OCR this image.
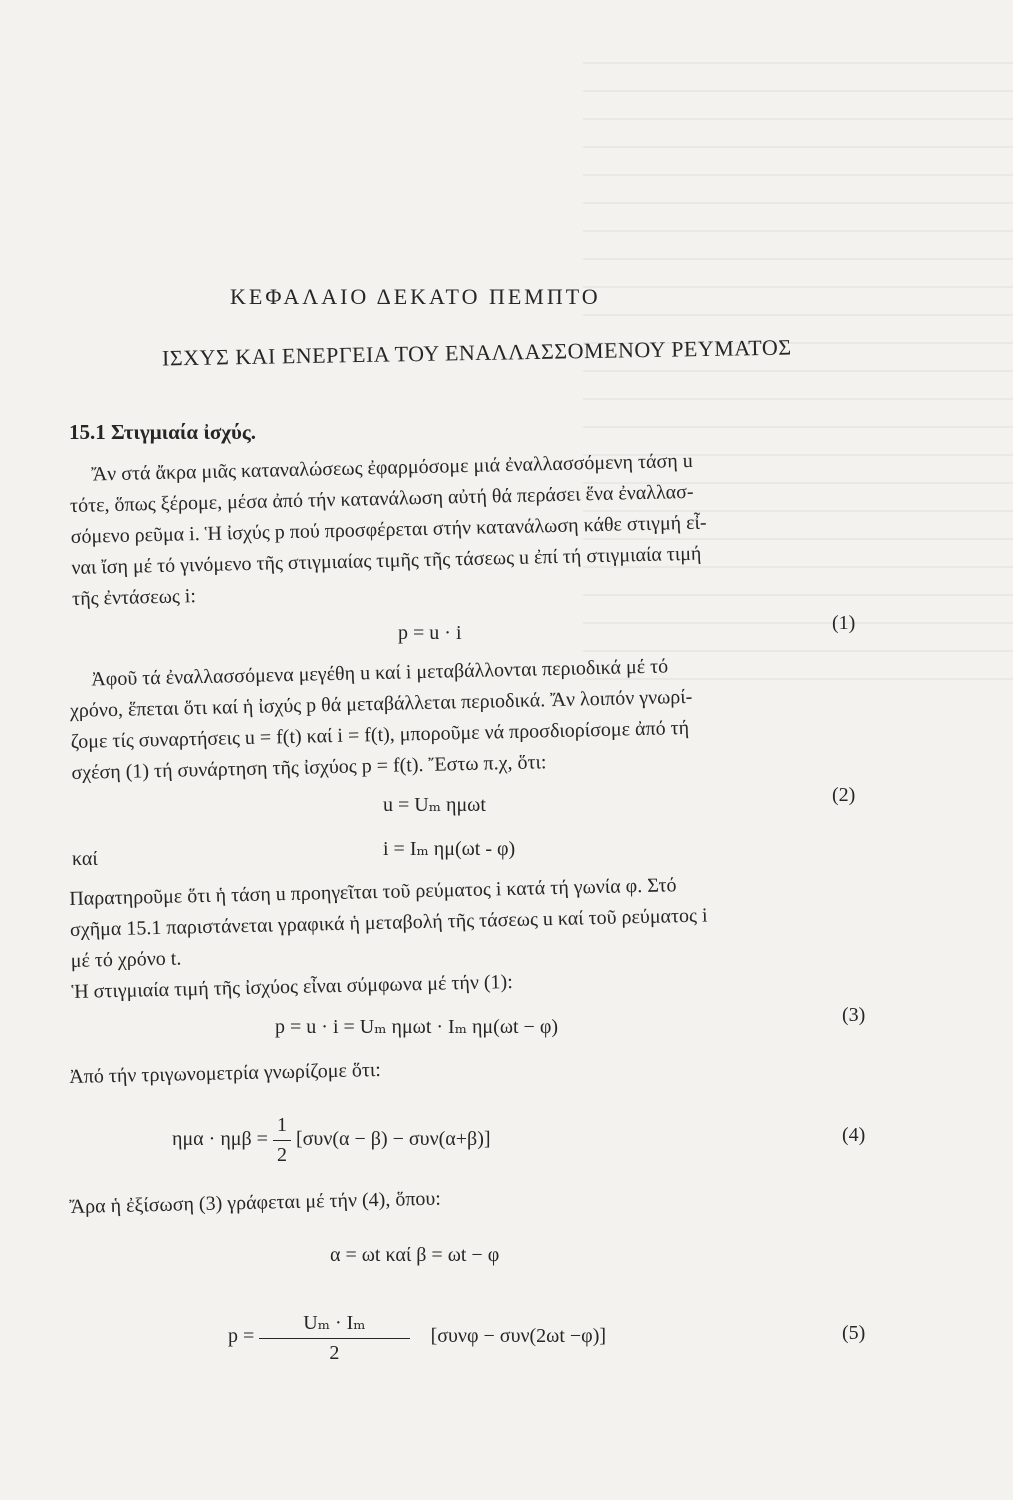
ΚΕΦΑΛΑΙΟ ΔΕΚΑΤΟ ΠΕΜΠΤΟ
ΙΣΧΥΣ ΚΑΙ ΕΝΕΡΓΕΙΑ ΤΟΥ ΕΝΑΛΛΑΣΣΟΜΕΝΟΥ ΡΕΥΜΑΤΟΣ
15.1 Στιγμιαία ἰσχύς.
Ἄν στά ἄκρα μιᾶς καταναλώσεως ἐφαρμόσομε μιά ἐναλλασσόμενη τάση u
τότε, ὅπως ξέρομε, μέσα ἀπό τήν κατανάλωση αὐτή θά περάσει ἕνα ἐναλλασ-
σόμενο ρεῦμα i. Ἡ ἰσχύς p πού προσφέρεται στήν κατανάλωση κάθε στιγμή εἶ-
ναι ἴση μέ τό γινόμενο τῆς στιγμιαίας τιμῆς τῆς τάσεως u ἐπί τή στιγμιαία τιμή
τῆς ἐντάσεως i:
p = u · i	(1)
Ἀφοῦ τά ἐναλλασσόμενα μεγέθη u καί i μεταβάλλονται περιοδικά μέ τό
χρόνο, ἕπεται ὅτι καί ἡ ἰσχύς p θά μεταβάλλεται περιοδικά. Ἄν λοιπόν γνωρί-
ζομε τίς συναρτήσεις u = f(t) καί i = f(t), μποροῦμε νά προσδιορίσομε ἀπό τή
σχέση (1) τή συνάρτηση τῆς ἰσχύος p = f(t). Ἔστω π.χ, ὅτι:
u = Uₘ ημωt	(2)
καί	i = Iₘ ημ(ωt - φ)
Παρατηροῦμε ὅτι ἡ τάση u προηγεῖται τοῦ ρεύματος i κατά τή γωνία φ. Στό
σχῆμα 15.1 παριστάνεται γραφικά ἡ μεταβολή τῆς τάσεως u καί τοῦ ρεύματος i
μέ τό χρόνο t.
Ἡ στιγμιαία τιμή τῆς ἰσχύος εἶναι σύμφωνα μέ τήν (1):
p = u · i = Uₘ ημωt · Iₘ ημ(ωt − φ)
(3)
Ἀπό τήν τριγωνομετρία γνωρίζομε ὅτι:
$\eta\mu\alpha \cdot \eta\mu\beta = \frac{1}{2} [\sigma\upsilon\nu(\alpha - \beta) - \sigma\upsilon\nu(\alpha+\beta)]$	(4)
Ἄρα ἡ ἐξίσωση (3) γράφεται μέ τήν (4), ὅπου:
α = ωt καί β = ωt − φ
$p = \frac{\text{Uₘ · Iₘ}}{2} [\sigma\upsilon\nu\varphi - \sigma\upsilon\nu(2\omega t -\varphi)]$	(5)
